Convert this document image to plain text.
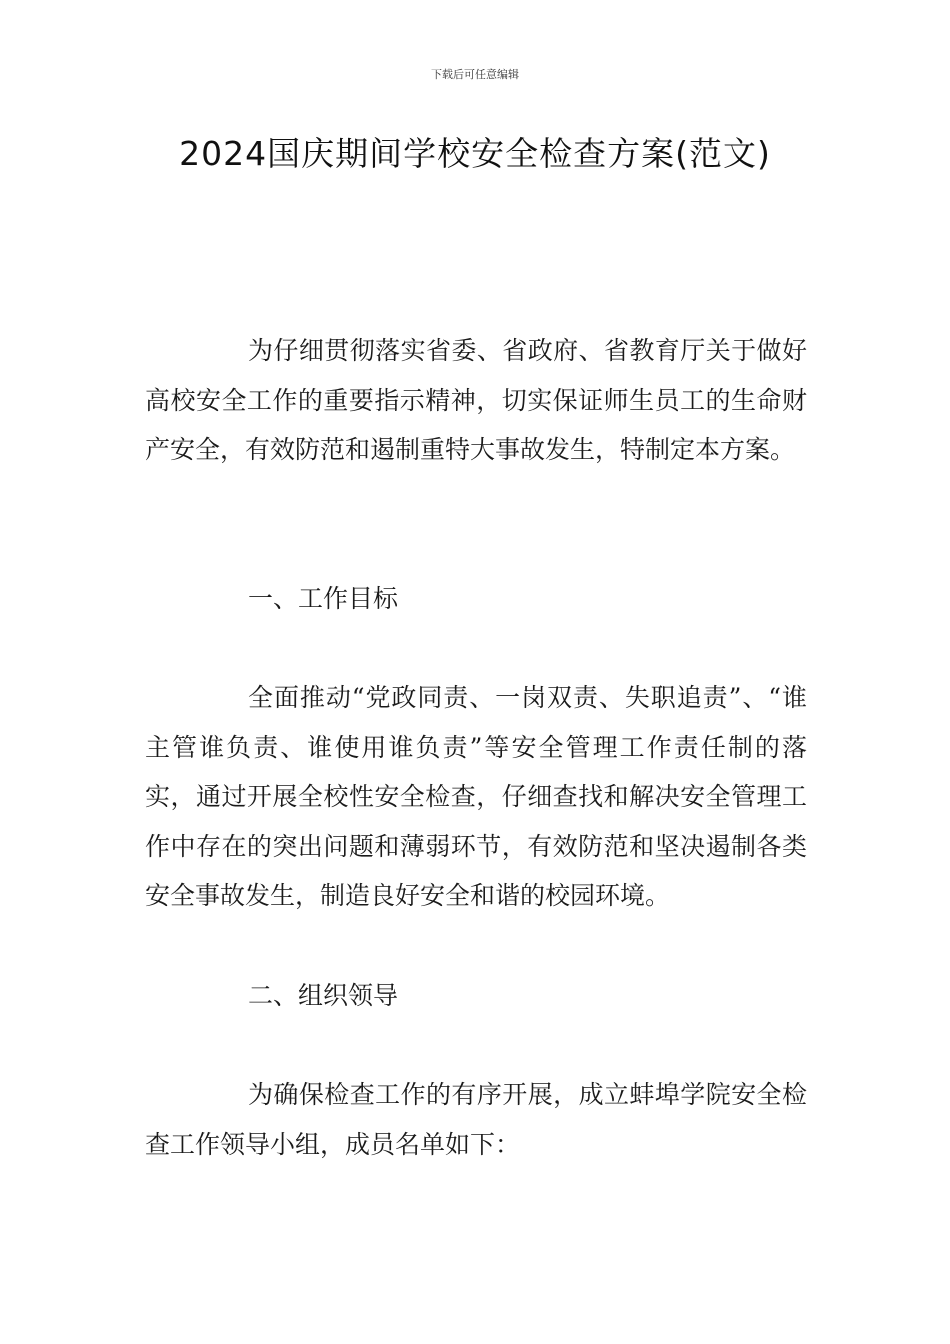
下载后可任意编辑
2024国庆期间学校安全检查方案(范文)

为仔细贯彻落实省委、省政府、省教育厅关于做好高校安全工作的重要指示精神，切实保证师生员工的生命财产安全，有效防范和遏制重特大事故发生，特制定本方案。

一、工作目标

全面推动“党政同责、一岗双责、失职追责”、“谁主管谁负责、谁使用谁负责”等安全管理工作责任制的落实，通过开展全校性安全检查，仔细查找和解决安全管理工作中存在的突出问题和薄弱环节，有效防范和坚决遏制各类安全事故发生，制造良好安全和谐的校园环境。

二、组织领导

为确保检查工作的有序开展，成立蚌埠学院安全检查工作领导小组，成员名单如下：
